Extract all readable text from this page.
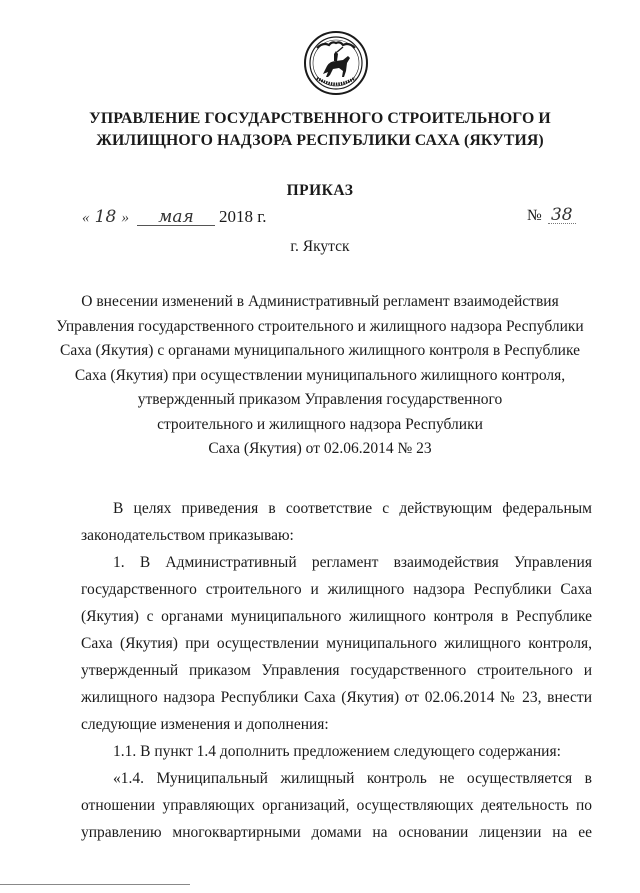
УПРАВЛЕНИЕ ГОСУДАРСТВЕННОГО СТРОИТЕЛЬНОГО И
ЖИЛИЩНОГО НАДЗОРА РЕСПУБЛИКИ САХА (ЯКУТИЯ)
ПРИКАЗ
« 18 » мая 2018 г.	№ 38
г. Якутск
О внесении изменений в Административный регламент взаимодействия
Управления государственного строительного и жилищного надзора Республики
Саха (Якутия) с органами муниципального жилищного контроля в Республике
Саха (Якутия) при осуществлении муниципального жилищного контроля,
утвержденный приказом Управления государственного
строительного и жилищного надзора Республики
Саха (Якутия) от 02.06.2014 № 23

В целях приведения в соответствие с действующим федеральным законодательством приказываю:

1. В Административный регламент взаимодействия Управления государственного строительного и жилищного надзора Республики Саха (Якутия) с органами муниципального жилищного контроля в Республике Саха (Якутия) при осуществлении муниципального жилищного контроля, утвержденный приказом Управления государственного строительного и жилищного надзора Республики Саха (Якутия) от 02.06.2014 № 23, внести следующие изменения и дополнения:

1.1. В пункт 1.4 дополнить предложением следующего содержания:

«1.4. Муниципальный жилищный контроль не осуществляется в отношении управляющих организаций, осуществляющих деятельность по управлению многоквартирными домами на основании лицензии на ее
